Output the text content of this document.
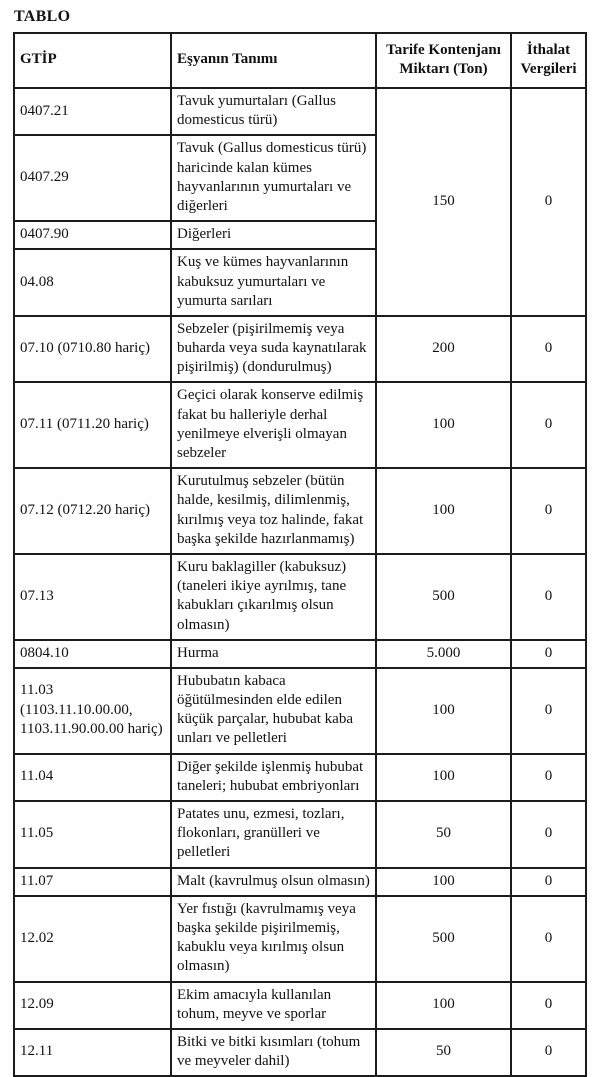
TABLO
GTİP	Eşyanın Tanımı	Tarife Kontenjanı Miktarı (Ton)	İthalat Vergileri
0407.21	Tavuk yumurtaları (Gallus domesticus türü)	150	0
0407.29	Tavuk (Gallus domesticus türü) haricinde kalan kümes hayvanlarının yumurtaları ve diğerleri		
0407.90	Diğerleri		
04.08	Kuş ve kümes hayvanlarının kabuksuz yumurtaları ve yumurta sarıları		
07.10 (0710.80 hariç)	Sebzeler (pişirilmemiş veya buharda veya suda kaynatılarak pişirilmiş) (dondurulmuş)	200	0
07.11 (0711.20 hariç)	Geçici olarak konserve edilmiş fakat bu halleriyle derhal yenilmeye elverişli olmayan sebzeler	100	0
07.12 (0712.20 hariç)	Kurutulmuş sebzeler (bütün halde, kesilmiş, dilimlenmiş, kırılmış veya toz halinde, fakat başka şekilde hazırlanmamış)	100	0
07.13	Kuru baklagiller (kabuksuz) (taneleri ikiye ayrılmış, tane kabukları çıkarılmış olsun olmasın)	500	0
0804.10	Hurma	5.000	0
11.03 (1103.11.10.00.00, 1103.11.90.00.00 hariç)	Hububatın kabaca öğütülmesinden elde edilen küçük parçalar, hububat kaba unları ve pelletleri	100	0
11.04	Diğer şekilde işlenmiş hububat taneleri; hububat embriyonları	100	0
11.05	Patates unu, ezmesi, tozları, flokonları, granülleri ve pelletleri	50	0
11.07	Malt (kavrulmuş olsun olmasın)	100	0
12.02	Yer fıstığı (kavrulmamış veya başka şekilde pişirilmemiş, kabuklu veya kırılmış olsun olmasın)	500	0
12.09	Ekim amacıyla kullanılan tohum, meyve ve sporlar	100	0
12.11	Bitki ve bitki kısımları (tohum ve meyveler dahil)	50	0
